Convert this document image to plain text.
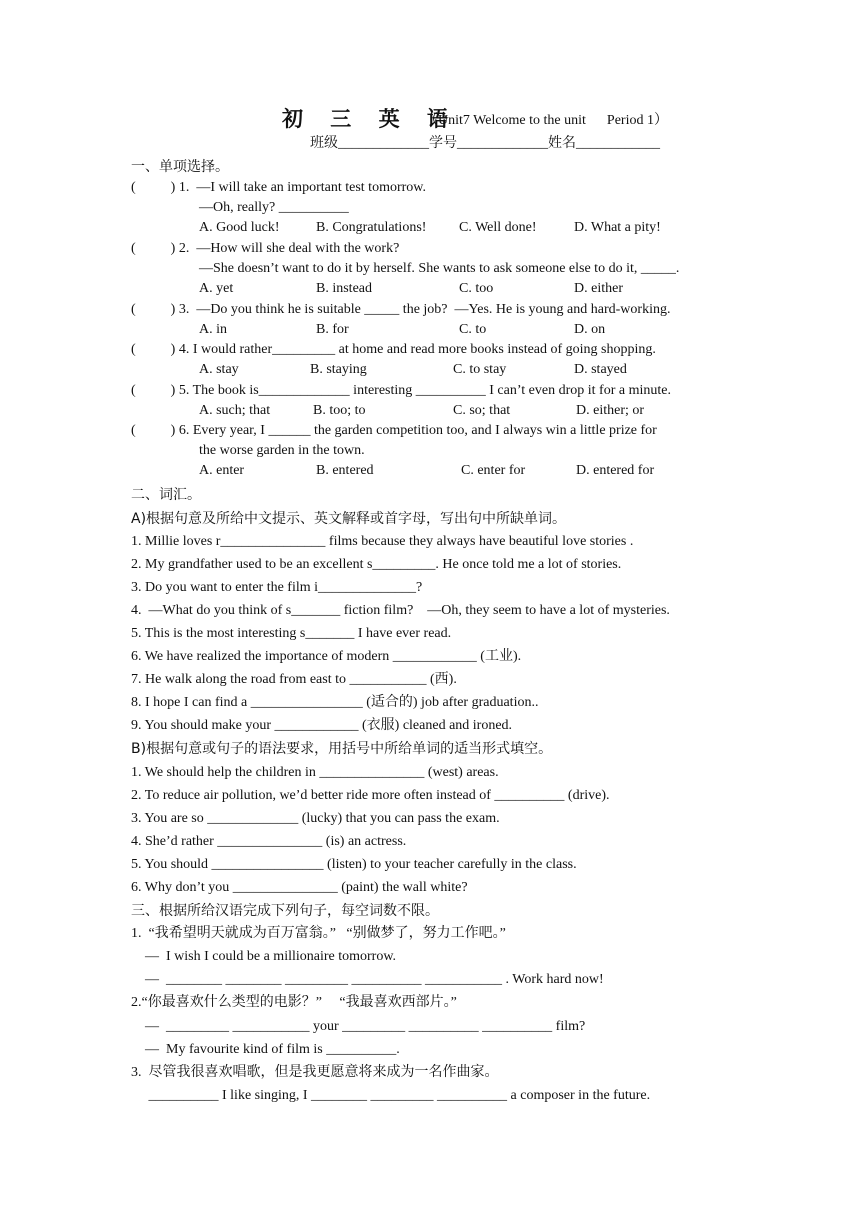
初 三 英 语
（Unit7 Welcome to the unit      Period 1）
班级_____________学号_____________姓名____________
一、单项选择。
(          ) 1.  —I will take an important test tomorrow.
—Oh, really? __________
A. Good luck!	B. Congratulations! C. Well done!	D. What a pity!
(          ) 2.  —How will she deal with the work?
—She doesn’t want to do it by herself. She wants to ask someone else to do it, _____.
A. yet	B. instead	C. too	D. either
(          ) 3.  —Do you think he is suitable _____ the job?  —Yes. He is young and hard-working.
A. in	B. for	C. to	D. on
(          ) 4. I would rather_________ at home and read more books instead of going shopping.
A. stay	B. staying	C. to stay	D. stayed
(          ) 5. The book is_____________ interesting __________ I can’t even drop it for a minute.
A. such; that	B. too; to	C. so; that	D. either; or
(          ) 6. Every year, I ______ the garden competition too, and I always win a little prize for
the worse garden in the town.
A. enter	B. entered	C. enter for	D. entered for
二、词汇。
A)根据句意及所给中文提示、英文解释或首字母，写出句中所缺单词。
1. Millie loves r_______________ films because they always have beautiful love stories .
2. My grandfather used to be an excellent s_________. He once told me a lot of stories.
3. Do you want to enter the film i______________?
4.  —What do you think of s_______ fiction film?    —Oh, they seem to have a lot of mysteries.
5. This is the most interesting s_______ I have ever read.
6. We have realized the importance of modern ____________ (工业).
7. He walk along the road from east to ___________ (西).
8. I hope I can find a ________________ (适合的) job after graduation..
9. You should make your ____________ (衣服) cleaned and ironed.
B)根据句意或句子的语法要求，用括号中所给单词的适当形式填空。
1. We should help the children in _______________ (west) areas.
2. To reduce air pollution, we’d better ride more often instead of __________ (drive).
3. You are so _____________ (lucky) that you can pass the exam.
4. She’d rather _______________ (is) an actress.
5. You should ________________ (listen) to your teacher carefully in the class.
6. Why don’t you _______________ (paint) the wall white?
三、根据所给汉语完成下列句子，每空词数不限。
1.  “我希望明天就成为百万富翁。”   “别做梦了，努力工作吧。”
—  I wish I could be a millionaire tomorrow.
—  ________ ________ _________ __________ ___________ . Work hard now!
2.“你最喜欢什么类型的电影？”     “我最喜欢西部片。”
—  _________ ___________ your _________ __________ __________ film?
—  My favourite kind of film is __________.
3.  尽管我很喜欢唱歌，但是我更愿意将来成为一名作曲家。
__________ I like singing, I ________ _________ __________ a composer in the future.
